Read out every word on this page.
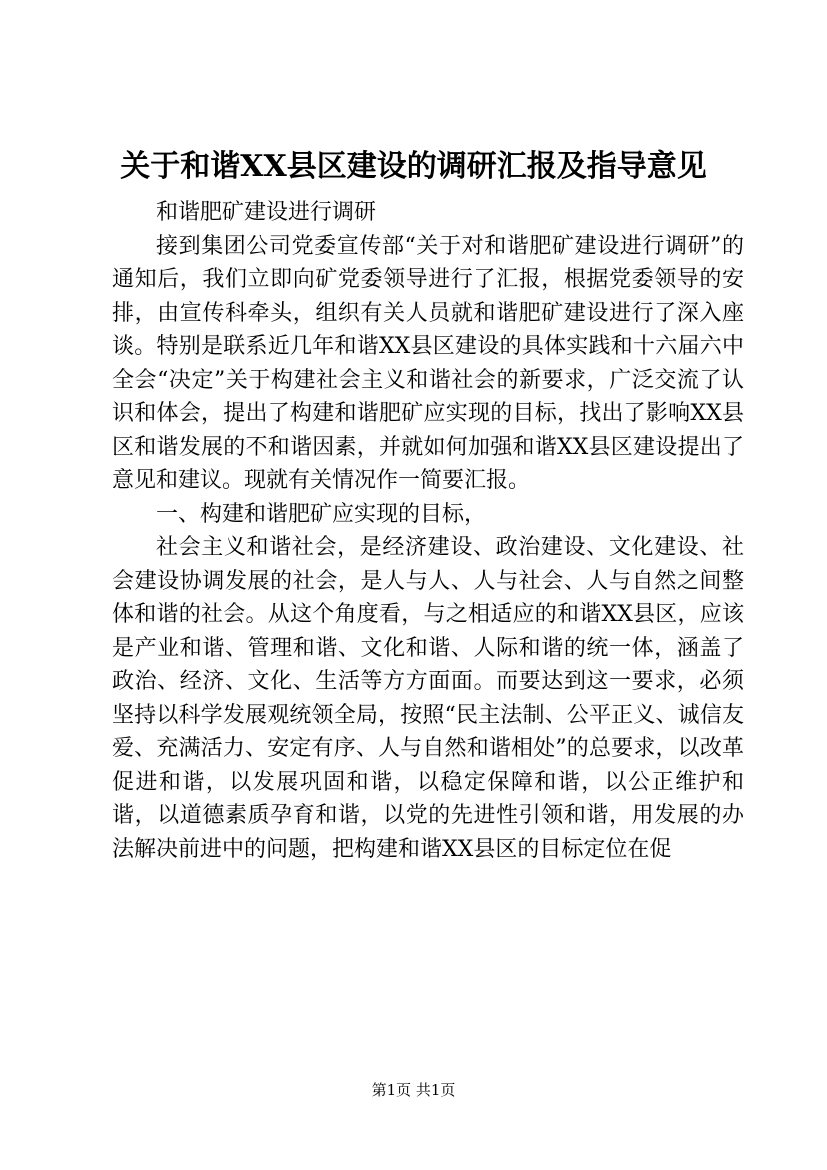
关于和谐XX县区建设的调研汇报及指导意见

和谐肥矿建设进行调研

接到集团公司党委宣传部“关于对和谐肥矿建设进行调研”的通知后，我们立即向矿党委领导进行了汇报，根据党委领导的安排，由宣传科牵头，组织有关人员就和谐肥矿建设进行了深入座谈。特别是联系近几年和谐XX县区建设的具体实践和十六届六中全会“决定”关于构建社会主义和谐社会的新要求，广泛交流了认识和体会，提出了构建和谐肥矿应实现的目标，找出了影响XX县区和谐发展的不和谐因素，并就如何加强和谐XX县区建设提出了意见和建议。现就有关情况作一简要汇报。

一、构建和谐肥矿应实现的目标，

社会主义和谐社会，是经济建设、政治建设、文化建设、社会建设协调发展的社会，是人与人、人与社会、人与自然之间整体和谐的社会。从这个角度看，与之相适应的和谐XX县区，应该是产业和谐、管理和谐、文化和谐、人际和谐的统一体，涵盖了政治、经济、文化、生活等方方面面。而要达到这一要求，必须坚持以科学发展观统领全局，按照“民主法制、公平正义、诚信友爱、充满活力、安定有序、人与自然和谐相处”的总要求，以改革促进和谐，以发展巩固和谐，以稳定保障和谐，以公正维护和谐，以道德素质孕育和谐，以党的先进性引领和谐，用发展的办法解决前进中的问题，把构建和谐XX县区的目标定位在促

第1页 共1页
